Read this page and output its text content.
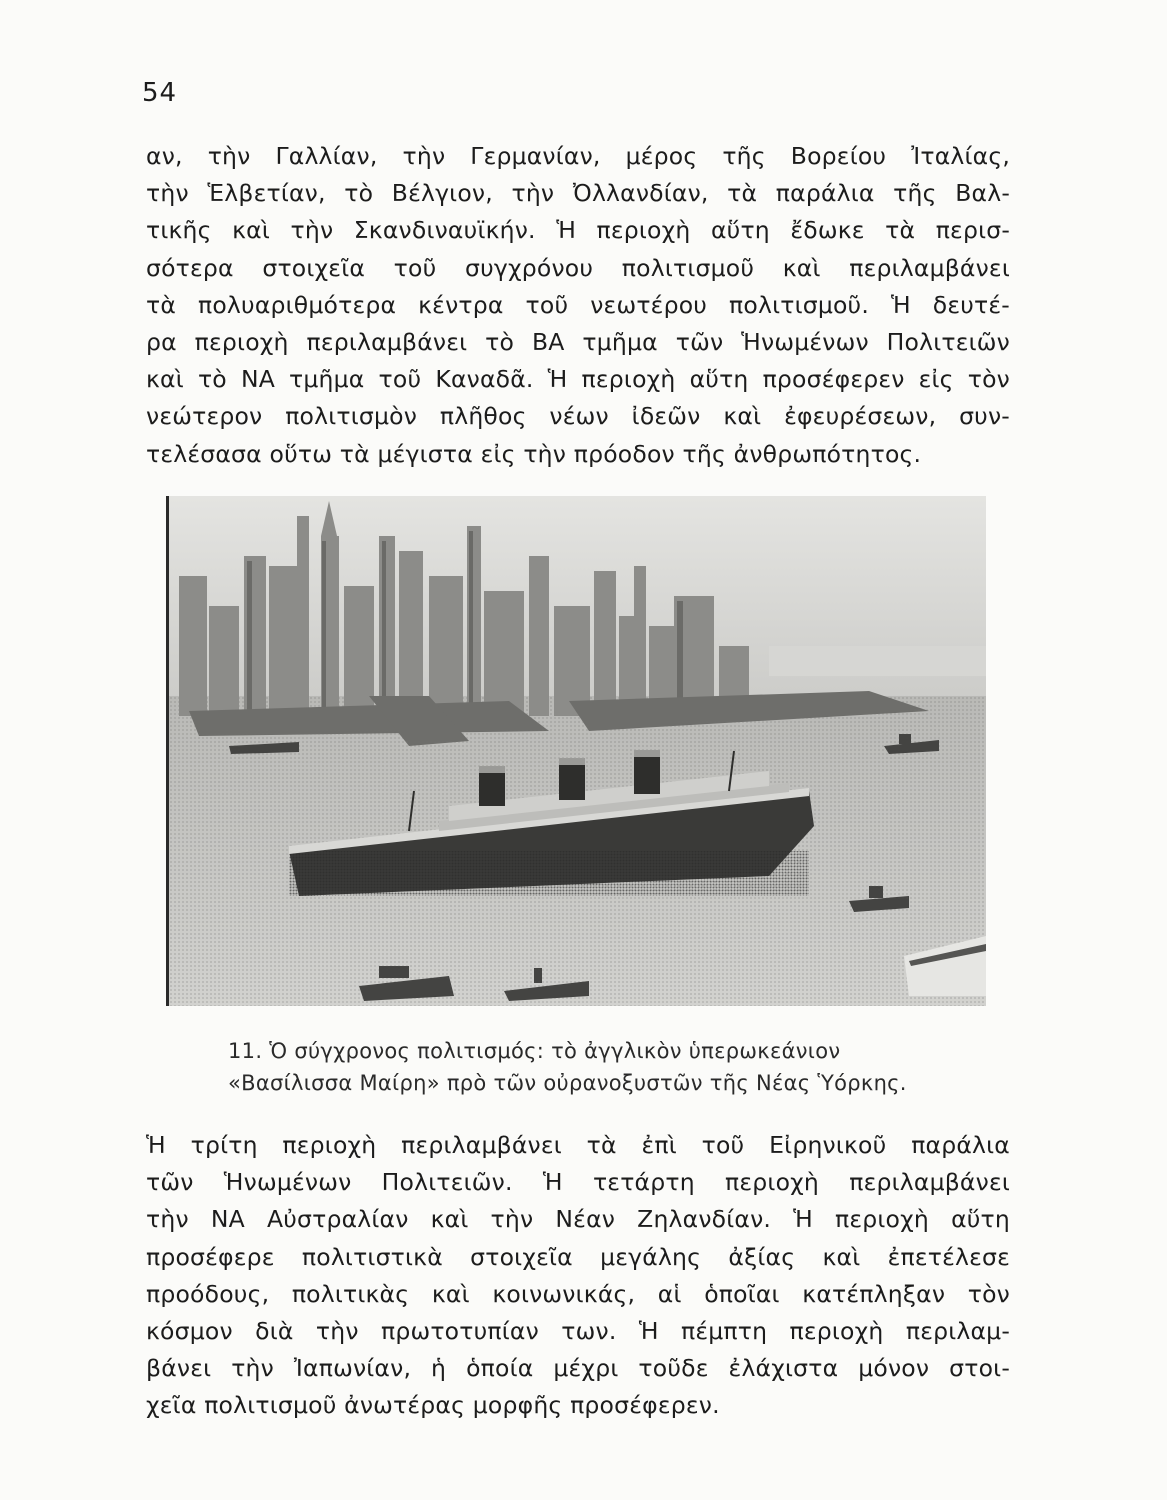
54
αν, τὴν Γαλλίαν, τὴν Γερμανίαν, μέρος τῆς Βορείου Ἰταλίας,
τὴν Ἑλβετίαν, τὸ Βέλγιον, τὴν Ὀλλανδίαν, τὰ παράλια τῆς Βαλ-
τικῆς καὶ τὴν Σκανδιναυϊκήν. Ἡ περιοχὴ αὕτη ἔδωκε τὰ περισ-
σότερα στοιχεῖα τοῦ συγχρόνου πολιτισμοῦ καὶ περιλαμβάνει
τὰ πολυαριθμότερα κέντρα τοῦ νεωτέρου πολιτισμοῦ. Ἡ δευτέ-
ρα περιοχὴ περιλαμβάνει τὸ ΒΑ τμῆμα τῶν Ἡνωμένων Πολιτειῶν
καὶ τὸ ΝΑ τμῆμα τοῦ Καναδᾶ. Ἡ περιοχὴ αὕτη προσέφερεν εἰς τὸν
νεώτερον πολιτισμὸν πλῆθος νέων ἰδεῶν καὶ ἐφευρέσεων, συν-
τελέσασα οὕτω τὰ μέγιστα εἰς τὴν πρόοδον τῆς ἀνθρωπότητος.
11. Ὁ σύγχρονος πολιτισμός: τὸ ἀγγλικὸν ὑπερωκεάνιον
«Βασίλισσα Μαίρη» πρὸ τῶν οὐρανοξυστῶν τῆς Νέας Ὑόρκης.
Ἡ τρίτη περιοχὴ περιλαμβάνει τὰ ἐπὶ τοῦ Εἰρηνικοῦ παράλια
τῶν Ἡνωμένων Πολιτειῶν. Ἡ τετάρτη περιοχὴ περιλαμβάνει
τὴν ΝΑ Αὐστραλίαν καὶ τὴν Νέαν Ζηλανδίαν. Ἡ περιοχὴ αὕτη
προσέφερε πολιτιστικὰ στοιχεῖα μεγάλης ἀξίας καὶ ἐπετέλεσε
προόδους, πολιτικὰς καὶ κοινωνικάς, αἱ ὁποῖαι κατέπληξαν τὸν
κόσμον διὰ τὴν πρωτοτυπίαν των. Ἡ πέμπτη περιοχὴ περιλαμ-
βάνει τὴν Ἰαπωνίαν, ἡ ὁποία μέχρι τοῦδε ἐλάχιστα μόνον στοι-
χεῖα πολιτισμοῦ ἀνωτέρας μορφῆς προσέφερεν.
